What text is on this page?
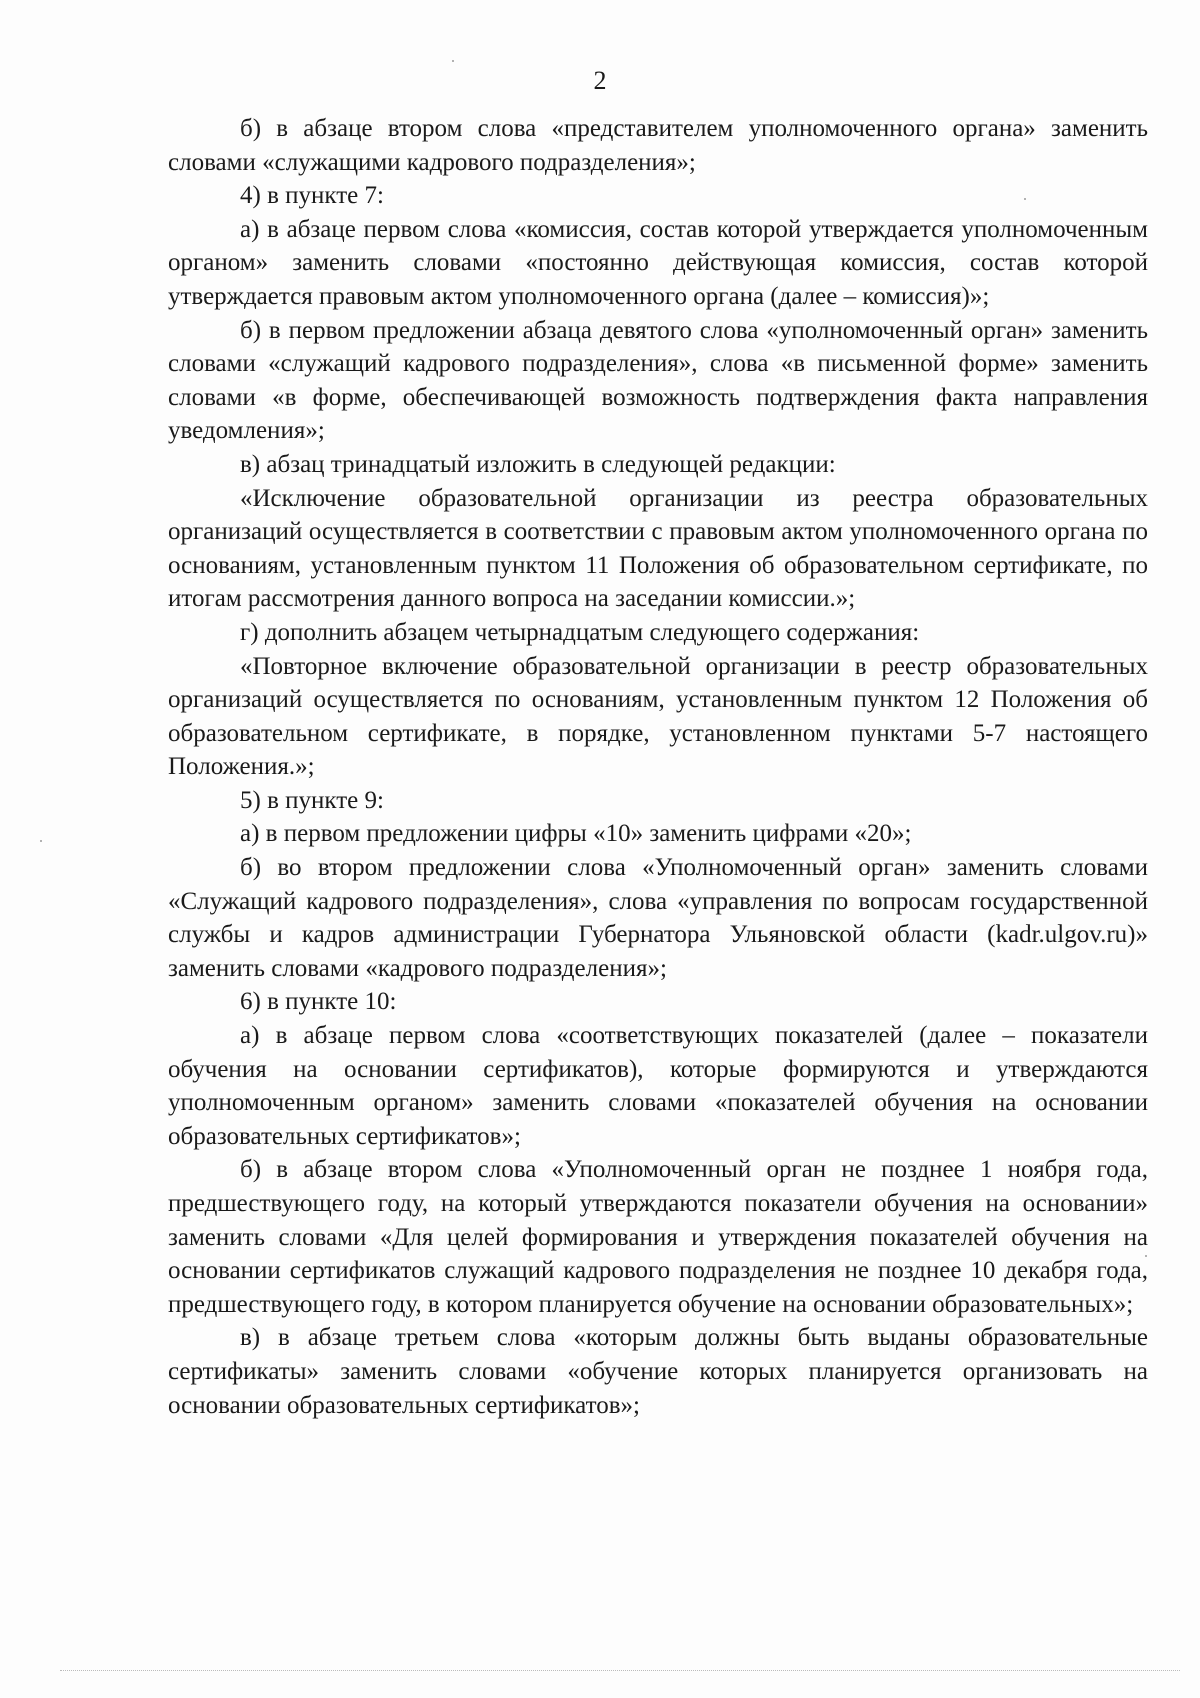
2

б) в абзаце втором слова «представителем уполномоченного органа» заменить словами «служащими кадрового подразделения»;

4) в пункте 7:

а) в абзаце первом слова «комиссия, состав которой утверждается уполномоченным органом» заменить словами «постоянно действующая комиссия, состав которой утверждается правовым актом уполномоченного органа (далее – комиссия)»;

б) в первом предложении абзаца девятого слова «уполномоченный орган» заменить словами «служащий кадрового подразделения», слова «в письменной форме» заменить словами «в форме, обеспечивающей возможность подтверждения факта направления уведомления»;

в) абзац тринадцатый изложить в следующей редакции:

«Исключение образовательной организации из реестра образовательных организаций осуществляется в соответствии с правовым актом уполномоченного органа по основаниям, установленным пунктом 11 Положения об образовательном сертификате, по итогам рассмотрения данного вопроса на заседании комиссии.»;

г) дополнить абзацем четырнадцатым следующего содержания:

«Повторное включение образовательной организации в реестр образовательных организаций осуществляется по основаниям, установленным пунктом 12 Положения об образовательном сертификате, в порядке, установленном пунктами 5-7 настоящего Положения.»;

5) в пункте 9:

а) в первом предложении цифры «10» заменить цифрами «20»;

б) во втором предложении слова «Уполномоченный орган» заменить словами «Служащий кадрового подразделения», слова «управления по вопросам государственной службы и кадров администрации Губернатора Ульяновской области (kadr.ulgov.ru)» заменить словами «кадрового подразделения»;

6) в пункте 10:

а) в абзаце первом слова «соответствующих показателей (далее – показатели обучения на основании сертификатов), которые формируются и утверждаются уполномоченным органом» заменить словами «показателей обучения на основании образовательных сертификатов»;

б) в абзаце втором слова «Уполномоченный орган не позднее 1 ноября года, предшествующего году, на который утверждаются показатели обучения на основании» заменить словами «Для целей формирования и утверждения показателей обучения на основании сертификатов служащий кадрового подразделения не позднее 10 декабря года, предшествующего году, в котором планируется обучение на основании образовательных»;

в) в абзаце третьем слова «которым должны быть выданы образовательные сертификаты» заменить словами «обучение которых планируется организовать на основании образовательных сертификатов»;
